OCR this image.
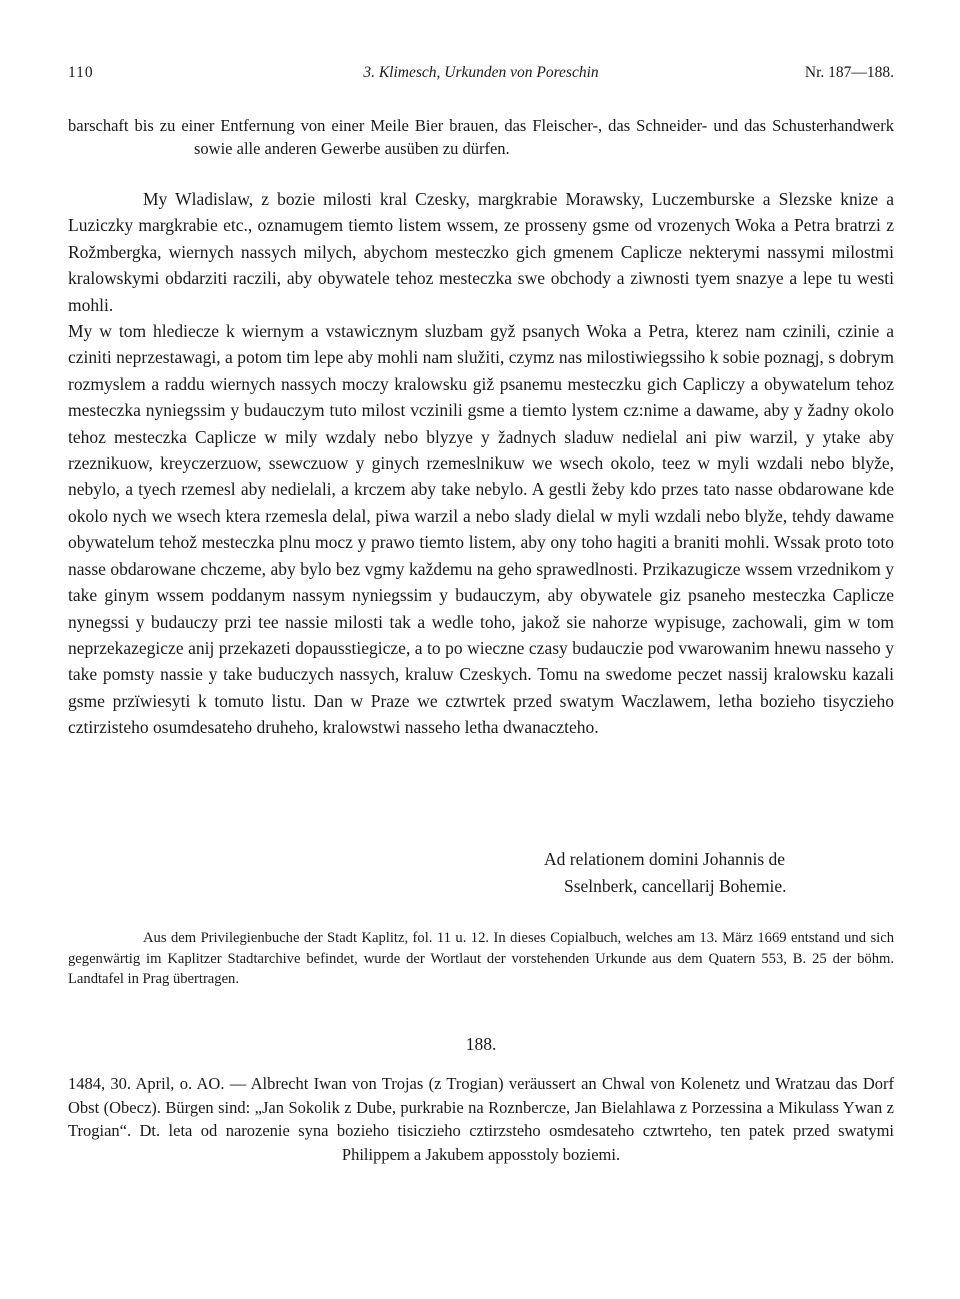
110	3. Klimesch, Urkunden von Poreschin	Nr. 187—188.

barschaft bis zu einer Entfernung von einer Meile Bier brauen, das Fleischer-, das Schneider- und das Schusterhandwerk sowie alle anderen Gewerbe ausüben zu dürfen.

My Wladislaw, z bozie milosti kral Czesky, margkrabie Morawsky, Luczemburske a Slezske knize a Luziczky margkrabie etc., oznamugem tiemto listem wssem, ze prosseny gsme od vrozenych Woka a Petra bratrzi z Rožmbergka, wiernych nassych milych, abychom mesteczko gich gmenem Caplicze nekterymi nassymi milostmi kralowskymi obdarziti raczili, aby obywatele tehoz mesteczka swe obchody a ziwnosti tyem snazye a lepe tu westi mohli.

My w tom hlediecze k wiernym a vstawicznym sluzbam gyž psanych Woka a Petra, kterez nam czinili, czinie a cziniti neprzestawagi, a potom tim lepe aby mohli nam služiti, czymz nas milostiwiegssiho k sobie poznagj, s dobrym rozmyslem a raddu wiernych nassych moczy kralowsku giž psanemu mesteczku gich Capliczy a obywatelum tehoz mesteczka nyniegssim y budauczym tuto milost vczinili gsme a tiemto lystem cz:nime a dawame, aby y žadny okolo tehoz mesteczka Caplicze w mily wzdaly nebo blyzye y žadnych sladuw nedielal ani piw warzil, y ytake aby rzeznikuow, kreyczerzuow, ssewczuow y ginych rzemeslnikuw we wsech okolo, teez w myli wzdali nebo blyže, nebylo, a tyech rzemesl aby nedielali, a krczem aby take nebylo. A gestli žeby kdo przes tato nasse obdarowane kde okolo nych we wsech ktera rzemesla delal, piwa warzil a nebo slady dielal w myli wzdali nebo blyže, tehdy dawame obywatelum tehož mesteczka plnu mocz y prawo tiemto listem, aby ony toho hagiti a braniti mohli. Wssak proto toto nasse obdarowane chczeme, aby bylo bez vgmy každemu na geho sprawedlnosti. Przikazugicze wssem vrzednikom y take ginym wssem poddanym nassym nyniegssim y budauczym, aby obywatele giz psaneho mesteczka Caplicze nynegssi y budauczy przi tee nassie milosti tak a wedle toho, jakož sie nahorze wypisuge, zachowali, gim w tom neprzekazegicze anij przekazeti dopausstiegicze, a to po wieczne czasy budauczie pod vwarowanim hnewu nasseho y take pomsty nassie y take buduczych nassych, kraluw Czeskych. Tomu na swedome peczet nassij kralowsku kazali gsme przïwiesyti k tomuto listu. Dan w Praze we cztwrtek przed swatym Waczlawem, letha bozieho tisyczieho cztirzisteho osumdesateho druheho, kralowstwi nasseho letha dwanaczteho.

Ad relationem domini Johannis de
Sselnberk, cancellarij Bohemie.

Aus dem Privilegienbuche der Stadt Kaplitz, fol. 11 u. 12. In dieses Copialbuch, welches am 13. März 1669 entstand und sich gegenwärtig im Kaplitzer Stadtarchive befindet, wurde der Wortlaut der vorstehenden Urkunde aus dem Quatern 553, B. 25 der böhm. Landtafel in Prag übertragen.

188.

1484, 30. April, o. AO. — Albrecht Iwan von Trojas (z Trogian) veräussert an Chwal von Kolenetz und Wratzau das Dorf Obst (Obecz). Bürgen sind: „Jan Sokolik z Dube, purkrabie na Roznbercze, Jan Bielahlawa z Porzessina a Mikulass Ywan z Trogian“. Dt. leta od narozenie syna bozieho tisicziehо cztirzsteho osmdesateho cztwrteho, ten patek przed swatymi Philippem a Jakubem apposstoly boziemi.
